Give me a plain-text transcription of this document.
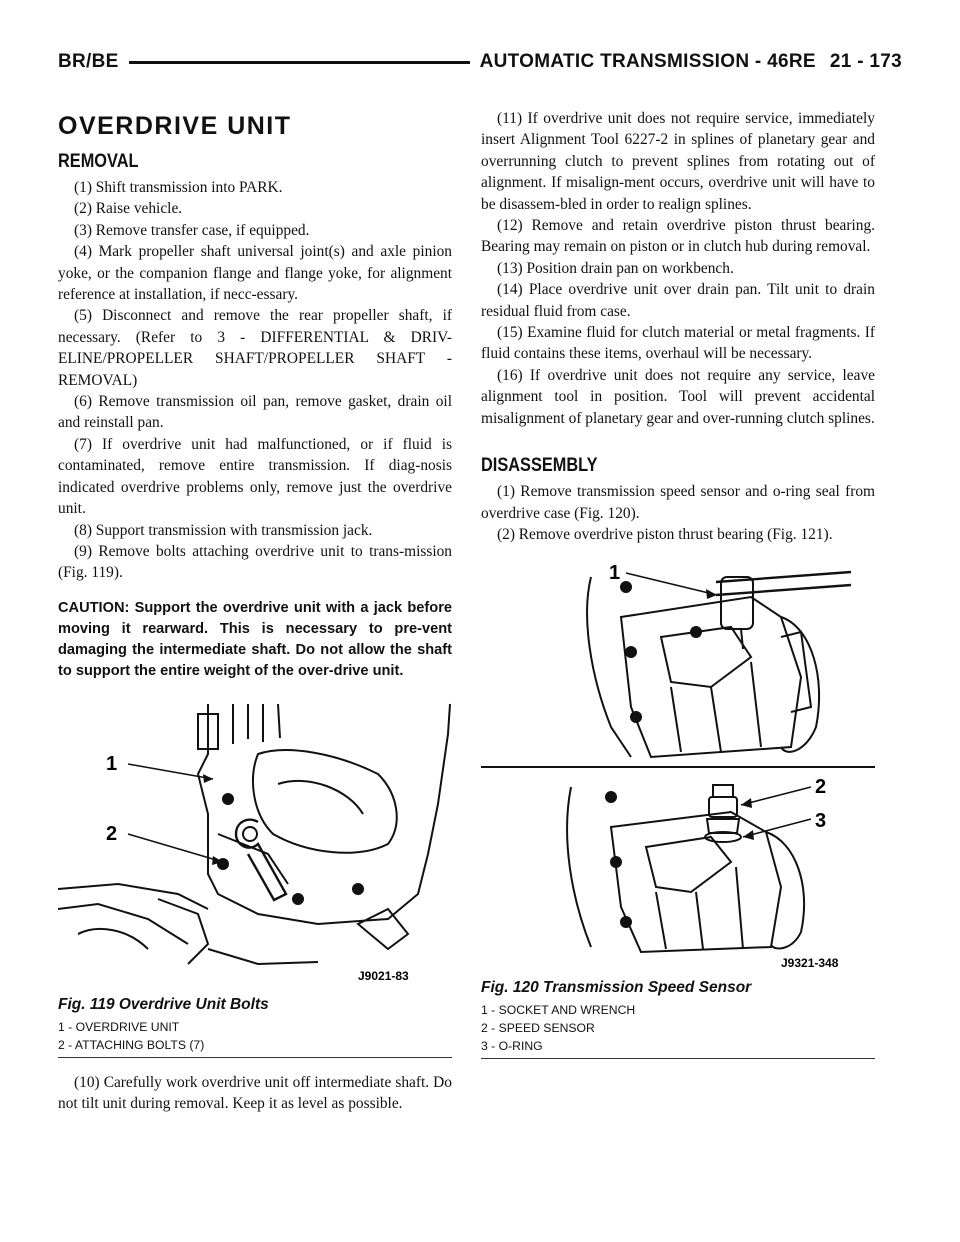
BR/BE	AUTOMATIC TRANSMISSION - 46RE 21 - 173
OVERDRIVE UNIT
REMOVAL

(1) Shift transmission into PARK.

(2) Raise vehicle.

(3) Remove transfer case, if equipped.

(4) Mark propeller shaft universal joint(s) and axle pinion yoke, or the companion flange and flange yoke, for alignment reference at installation, if necc-essary.

(5) Disconnect and remove the rear propeller shaft, if necessary. (Refer to 3 - DIFFERENTIAL & DRIV-ELINE/PROPELLER SHAFT/PROPELLER SHAFT - REMOVAL)

(6) Remove transmission oil pan, remove gasket, drain oil and reinstall pan.

(7) If overdrive unit had malfunctioned, or if fluid is contaminated, remove entire transmission. If diag-nosis indicated overdrive problems only, remove just the overdrive unit.

(8) Support transmission with transmission jack.

(9) Remove bolts attaching overdrive unit to trans-mission (Fig. 119).

CAUTION: Support the overdrive unit with a jack before moving it rearward. This is necessary to pre-vent damaging the intermediate shaft. Do not allow the shaft to support the entire weight of the over-drive unit.

1
2
J9021-83
Fig. 119 Overdrive Unit Bolts
1 - OVERDRIVE UNIT
2 - ATTACHING BOLTS (7)

(10) Carefully work overdrive unit off intermediate shaft. Do not tilt unit during removal. Keep it as level as possible.

(11) If overdrive unit does not require service, immediately insert Alignment Tool 6227-2 in splines of planetary gear and overrunning clutch to prevent splines from rotating out of alignment. If misalign-ment occurs, overdrive unit will have to be disassem-bled in order to realign splines.

(12) Remove and retain overdrive piston thrust bearing. Bearing may remain on piston or in clutch hub during removal.

(13) Position drain pan on workbench.

(14) Place overdrive unit over drain pan. Tilt unit to drain residual fluid from case.

(15) Examine fluid for clutch material or metal fragments. If fluid contains these items, overhaul will be necessary.

(16) If overdrive unit does not require any service, leave alignment tool in position. Tool will prevent accidental misalignment of planetary gear and over-running clutch splines.

DISASSEMBLY

(1) Remove transmission speed sensor and o-ring seal from overdrive case (Fig. 120).

(2) Remove overdrive piston thrust bearing (Fig. 121).

1
2
3
J9321-348
Fig. 120 Transmission Speed Sensor
1 - SOCKET AND WRENCH
2 - SPEED SENSOR
3 - O-RING
